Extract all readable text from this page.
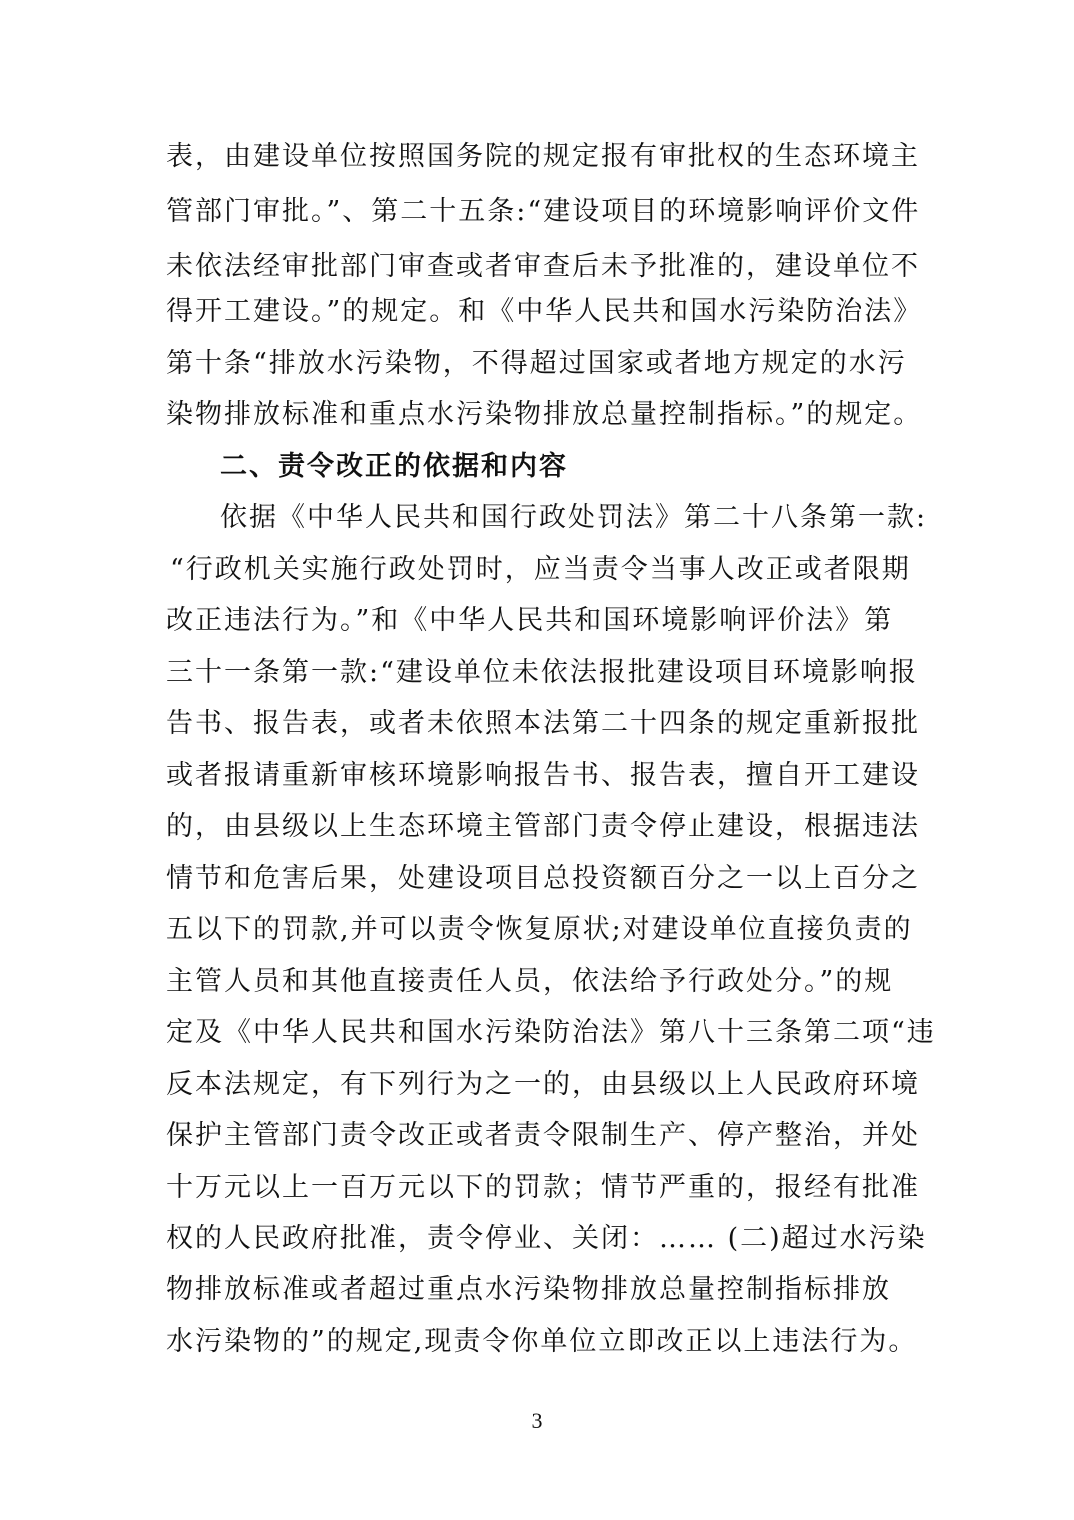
表，由建设单位按照国务院的规定报有审批权的生态环境主
管部门审批。”、第二十五条:“建设项目的环境影响评价文件
未依法经审批部门审查或者审查后未予批准的，建设单位不
得开工建设。”的规定。和《中华人民共和国水污染防治法》
第十条“排放水污染物，不得超过国家或者地方规定的水污
染物排放标准和重点水污染物排放总量控制指标。”的规定。
二、责令改正的依据和内容
依据《中华人民共和国行政处罚法》第二十八条第一款:
“行政机关实施行政处罚时，应当责令当事人改正或者限期
改正违法行为。”和《中华人民共和国环境影响评价法》第
三十一条第一款:“建设单位未依法报批建设项目环境影响报
告书、报告表，或者未依照本法第二十四条的规定重新报批
或者报请重新审核环境影响报告书、报告表，擅自开工建设
的，由县级以上生态环境主管部门责令停止建设，根据违法
情节和危害后果，处建设项目总投资额百分之一以上百分之
五以下的罚款,并可以责令恢复原状;对建设单位直接负责的
主管人员和其他直接责任人员，依法给予行政处分。”的规
定及《中华人民共和国水污染防治法》第八十三条第二项“违
反本法规定，有下列行为之一的，由县级以上人民政府环境
保护主管部门责令改正或者责令限制生产、停产整治，并处
十万元以上一百万元以下的罚款；情节严重的，报经有批准
权的人民政府批准，责令停业、关闭：…… (二)超过水污染
物排放标准或者超过重点水污染物排放总量控制指标排放
水污染物的”的规定,现责令你单位立即改正以上违法行为。
3
